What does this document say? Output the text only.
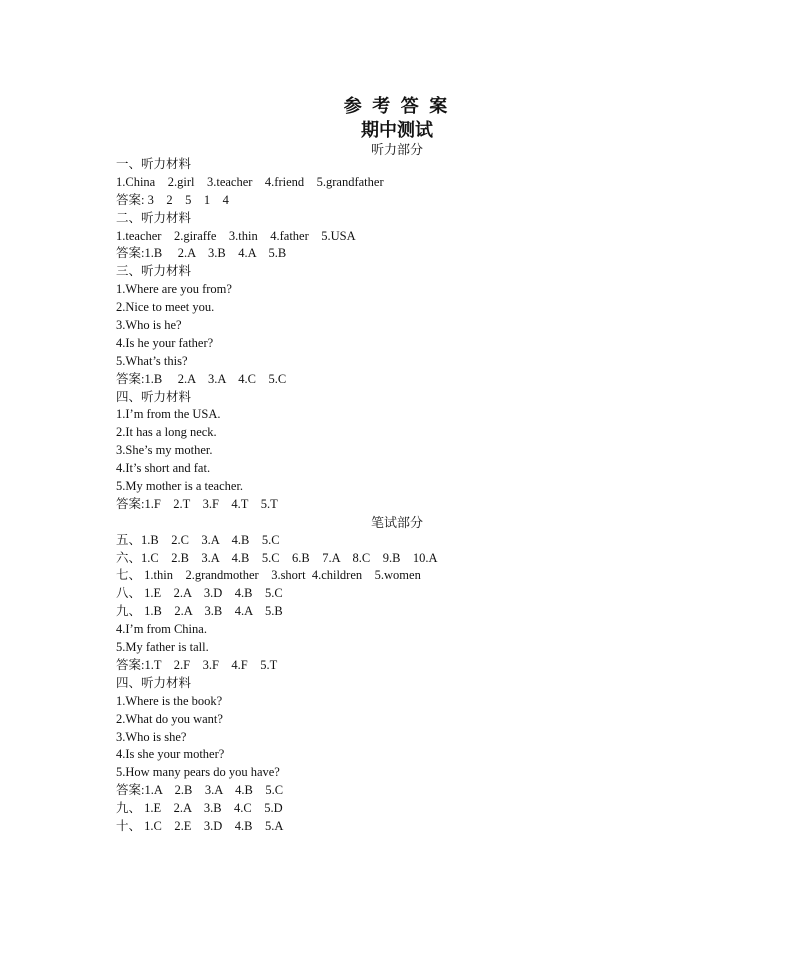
参 考 答 案
期中测试
听力部分
一、听力材料
1.China    2.girl    3.teacher    4.friend    5.grandfather
答案: 3    2    5    1    4
二、听力材料
1.teacher    2.giraffe    3.thin    4.father    5.USA
答案:1.B     2.A    3.B    4.A    5.B
三、听力材料
1.Where are you from?
2.Nice to meet you.
3.Who is he?
4.Is he your father?
5.What’s this?
答案:1.B     2.A    3.A    4.C    5.C
四、听力材料
1.I’m from the USA.
2.It has a long neck.
3.She’s my mother.
4.It’s short and fat.
5.My mother is a teacher.
答案:1.F    2.T    3.F    4.T    5.T
五、1.B    2.C    3.A    4.B    5.C
六、1.C    2.B    3.A    4.B    5.C    6.B    7.A    8.C    9.B    10.A
七、 1.thin    2.grandmother    3.short  4.children    5.women
八、 1.E    2.A    3.D    4.B    5.C
九、 1.B    2.A    3.B    4.A    5.B
4.I’m from China.
5.My father is tall.
答案:1.T    2.F    3.F    4.F    5.T
四、听力材料
1.Where is the book?
2.What do you want?
3.Who is she?
4.Is she your mother?
5.How many pears do you have?
答案:1.A    2.B    3.A    4.B    5.C
九、 1.E    2.A    3.B    4.C    5.D
十、 1.C    2.E    3.D    4.B    5.A
笔试部分
